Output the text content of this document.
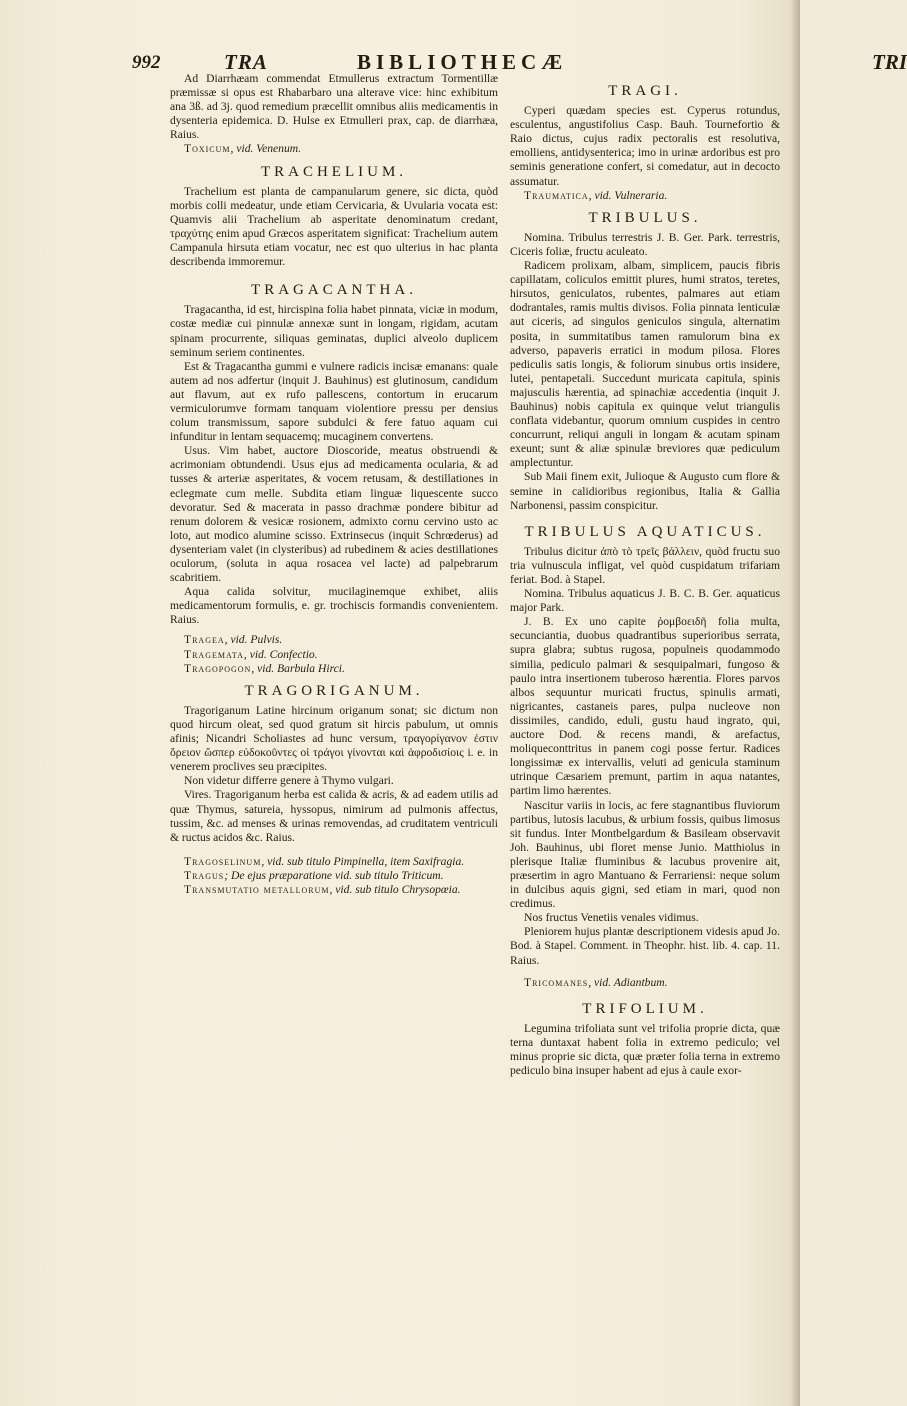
992	TRA	BIBLIOTHECÆ	TRI

Ad Diarrhæam commendat Etmullerus extractum Tormentillæ præmissæ si opus est Rhabarbaro una alterave vice: hinc exhibitum ana 3ß. ad 3j. quod remedium præcellit omnibus aliis medicamentis in dysenteria epidemica. D. Hulse ex Etmulleri prax, cap. de diarrhæa, Raius.

Toxicum, vid. Venenum.

TRACHELIUM.

Trachelium est planta de campanularum genere, sic dicta, quòd morbis colli medeatur, unde etiam Cervicaria, & Uvularia vocata est: Quamvis alii Trachelium ab asperitate denominatum credant, τραχύτης enim apud Græcos asperitatem significat: Trachelium autem Campanula hirsuta etiam vocatur, nec est quo ulterius in hac planta describenda immoremur.

TRAGACANTHA.

Tragacantha, id est, hircispina folia habet pinnata, viciæ in modum, costæ mediæ cui pinnulæ annexæ sunt in longam, rigidam, acutam spinam procurrente, siliquas geminatas, duplici alveolo duplicem seminum seriem continentes.

Est & Tragacantha gummi e vulnere radicis incisæ emanans: quale autem ad nos adfertur (inquit J. Bauhinus) est glutinosum, candidum aut flavum, aut ex rufo pallescens, contortum in erucarum vermiculorumve formam tanquam violentiore pressu per densius colum transmissum, sapore subdulci & fere fatuo aquam cui infunditur in lentam sequacemq; mucaginem convertens.

Usus. Vim habet, auctore Dioscoride, meatus obstruendi & acrimoniam obtundendi. Usus ejus ad medicamenta ocularia, & ad tusses & arteriæ asperitates, & vocem retusam, & destillationes in eclegmate cum melle. Subdita etiam linguæ liquescente succo devoratur. Sed & macerata in passo drachmæ pondere bibitur ad renum dolorem & vesicæ rosionem, admixto cornu cervino usto ac loto, aut modico alumine scisso. Extrinsecus (inquit Schrœderus) ad dysenteriam valet (in clysteribus) ad rubedinem & acies destillationes oculorum, (soluta in aqua rosacea vel lacte) ad palpebrarum scabritiem.

Aqua calida solvitur, mucilaginemque exhibet, aliis medicamentorum formulis, e. gr. trochiscis formandis convenientem. Raius.

Tragea, vid. Pulvis.

Tragemata, vid. Confectio.

Tragopogon, vid. Barbula Hirci.

TRAGORIGANUM.

Tragoriganum Latine hircinum origanum sonat; sic dictum non quod hircum oleat, sed quod gratum sit hircis pabulum, ut omnis afinis; Nicandri Scholiastes ad hunc versum, τραγορίγανον ἐστιν ὄρειον ὥσπερ εὐδοκοῦντες οἱ τράγοι γίνονται καὶ ἀφροδισίοις i. e. in venerem proclives seu præcipites.

Non videtur differre genere à Thymo vulgari.

Vires. Tragoriganum herba est calida & acris, & ad eadem utilis ad quæ Thymus, satureia, hyssopus, nimirum ad pulmonis affectus, tussim, &c. ad menses & urinas removendas, ad cruditatem ventriculi & ructus acidos &c. Raius.

Tragoselinum, vid. sub titulo Pimpinella, item Saxifragia.

Tragus; De ejus præparatione vid. sub titulo Triticum.

Transmutatio metallorum, vid. sub titulo Chrysopœia.

TRAGI.

Cyperi quædam species est. Cyperus rotundus, esculentus, angustifolius Casp. Bauh. Tournefortio & Raio dictus, cujus radix pectoralis est resolutiva, emolliens, antidysenterica; imo in urinæ ardoribus est pro seminis generatione confert, si comedatur, aut in decocto assumatur.

Traumatica, vid. Vulneraria.

TRIBULUS.

Nomina. Tribulus terrestris J. B. Ger. Park. terrestris, Ciceris foliæ, fructu aculeato.

Radicem prolixam, albam, simplicem, paucis fibris capillatam, coliculos emittit plures, humi stratos, teretes, hirsutos, geniculatos, rubentes, palmares aut etiam dodrantales, ramis multis divisos. Folia pinnata lenticulæ aut ciceris, ad singulos geniculos singula, alternatim posita, in summitatibus tamen ramulorum bina ex adverso, papaveris erratici in modum pilosa. Flores pediculis satis longis, & foliorum sinubus ortis insidere, lutei, pentapetali. Succedunt muricata capitula, spinis majusculis hærentia, ad spinachiæ accedentia (inquit J. Bauhinus) nobis capitula ex quinque velut triangulis conflata videbantur, quorum omnium cuspides in centro concurrunt, reliqui anguli in longam & acutam spinam exeunt; sunt & aliæ spinulæ breviores quæ pediculum amplectuntur.

Sub Maii finem exit, Julioque & Augusto cum flore & semine in calidioribus regionibus, Italia & Gallia Narbonensi, passim conspicitur.

TRIBULUS AQUATICUS.

Tribulus dicitur ἀπὸ τὸ τρεῖς βάλλειν, quòd fructu suo tria vulnuscula infligat, vel quòd cuspidatum trifariam feriat. Bod. à Stapel.

Nomina. Tribulus aquaticus J. B. C. B. Ger. aquaticus major Park.

J. B. Ex uno capite ῥομβοειδῆ folia multa, secunciantia, duobus quadrantibus superioribus serrata, supra glabra; subtus rugosa, populneis quodammodo similia, pediculo palmari & sesquipalmari, fungoso & paulo intra insertionem tuberoso hærentia. Flores parvos albos sequuntur muricati fructus, spinulis armati, nigricantes, castaneis pares, pulpa nucleove non dissimiles, candido, eduli, gustu haud ingrato, qui, auctore Dod. & recens mandi, & arefactus, moliqueconttritus in panem cogi posse fertur. Radices longissimæ ex intervallis, veluti ad genicula staminum utrinque Cæsariem premunt, partim in aqua natantes, partim limo hærentes.

Nascitur variis in locis, ac fere stagnantibus fluviorum partibus, lutosis lacubus, & urbium fossis, quibus limosus sit fundus. Inter Montbelgardum & Basileam observavit Joh. Bauhinus, ubi floret mense Junio. Matthiolus in plerisque Italiæ fluminibus & lacubus provenire ait, præsertim in agro Mantuano & Ferrariensi: neque solum in dulcibus aquis gigni, sed etiam in mari, quod non credimus.

Nos fructus Venetiis venales vidimus.

Pleniorem hujus plantæ descriptionem videsis apud Jo. Bod. à Stapel. Comment. in Theophr. hist. lib. 4. cap. 11. Raius.

Tricomanes, vid. Adiantbum.

TRIFOLIUM.

Legumina trifoliata sunt vel trifolia proprie dicta, quæ terna duntaxat habent folia in extremo pediculo; vel minus proprie sic dicta, quæ præter folia terna in extremo pediculo bina insuper habent ad ejus à caule exor-
